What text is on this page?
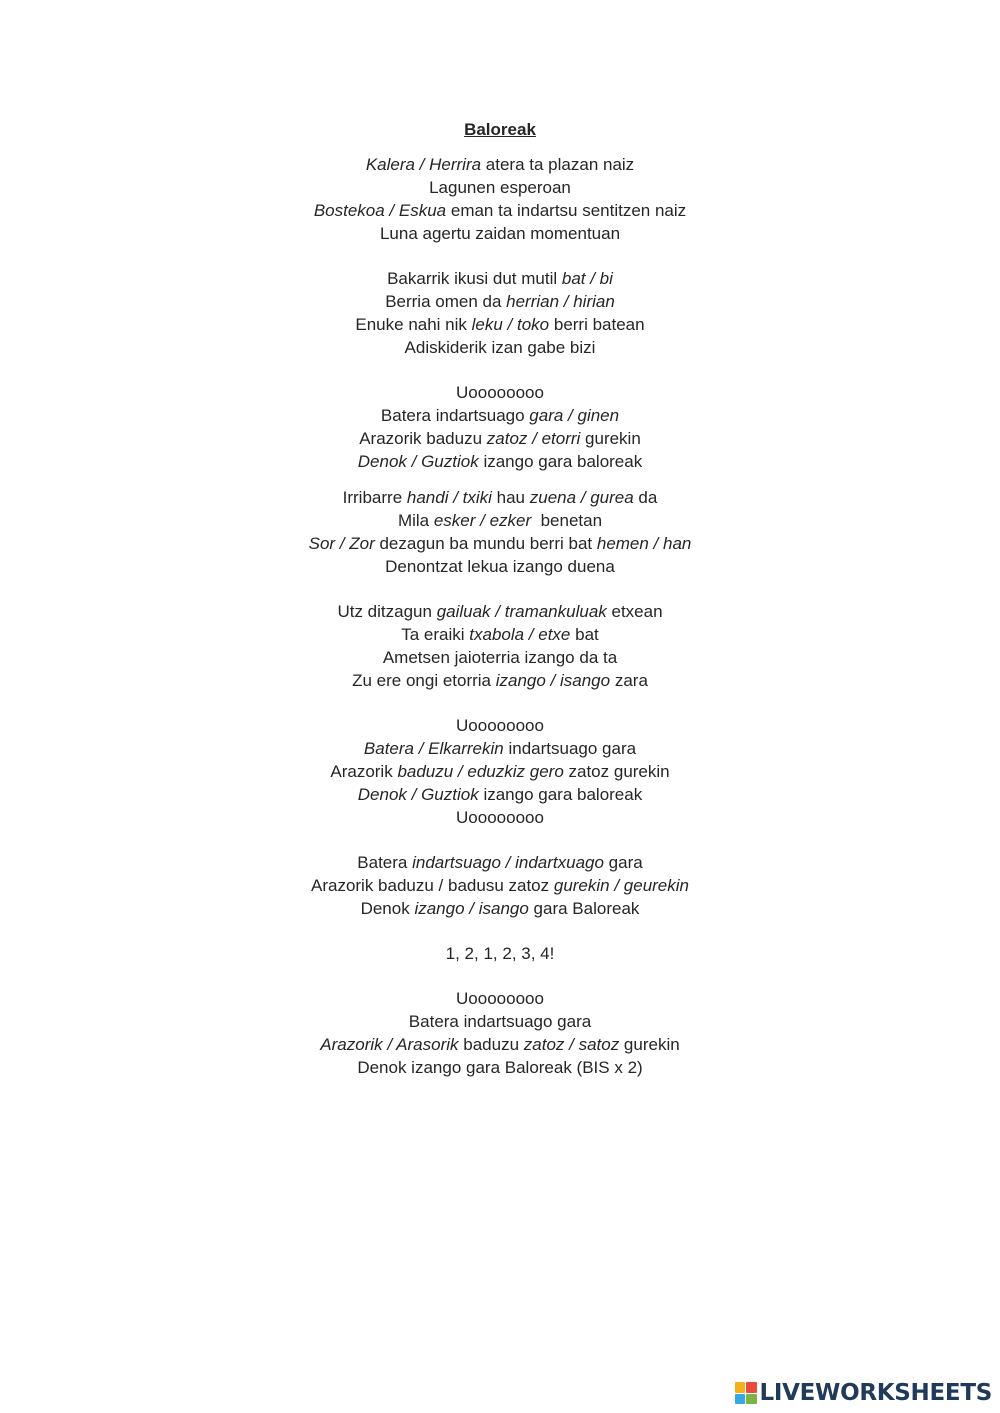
Baloreak
Kalera / Herrira atera ta plazan naiz
Lagunen esperoan
Bostekoa / Eskua eman ta indartsu sentitzen naiz
Luna agertu zaidan momentuan
Bakarrik ikusi dut mutil bat / bi
Berria omen da herrian / hirian
Enuke nahi nik leku / toko berri batean
Adiskiderik izan gabe bizi
Uoooooooo
Batera indartsuago gara / ginen
Arazorik baduzu zatoz / etorri gurekin
Denok / Guztiok izango gara baloreak
Irribarre handi / txiki hau zuena / gurea da
Mila esker / ezker  benetan
Sor / Zor dezagun ba mundu berri bat hemen / han
Denontzat lekua izango duena
Utz ditzagun gailuak / tramankuluak etxean
Ta eraiki txabola / etxe bat
Ametsen jaioterria izango da ta
Zu ere ongi etorria izango / isango zara
Uoooooooo
Batera / Elkarrekin indartsuago gara
Arazorik baduzu / eduzkiz gero zatoz gurekin
Denok / Guztiok izango gara baloreak
Uoooooooo
Batera indartsuago / indartxuago gara
Arazorik baduzu / badusu zatoz gurekin / geurekin
Denok izango / isango gara Baloreak
1, 2, 1, 2, 3, 4!
Uoooooooo
Batera indartsuago gara
Arazorik / Arasorik baduzu zatoz / satoz gurekin
Denok izango gara Baloreak (BIS x 2)
LIVEWORKSHEETS
